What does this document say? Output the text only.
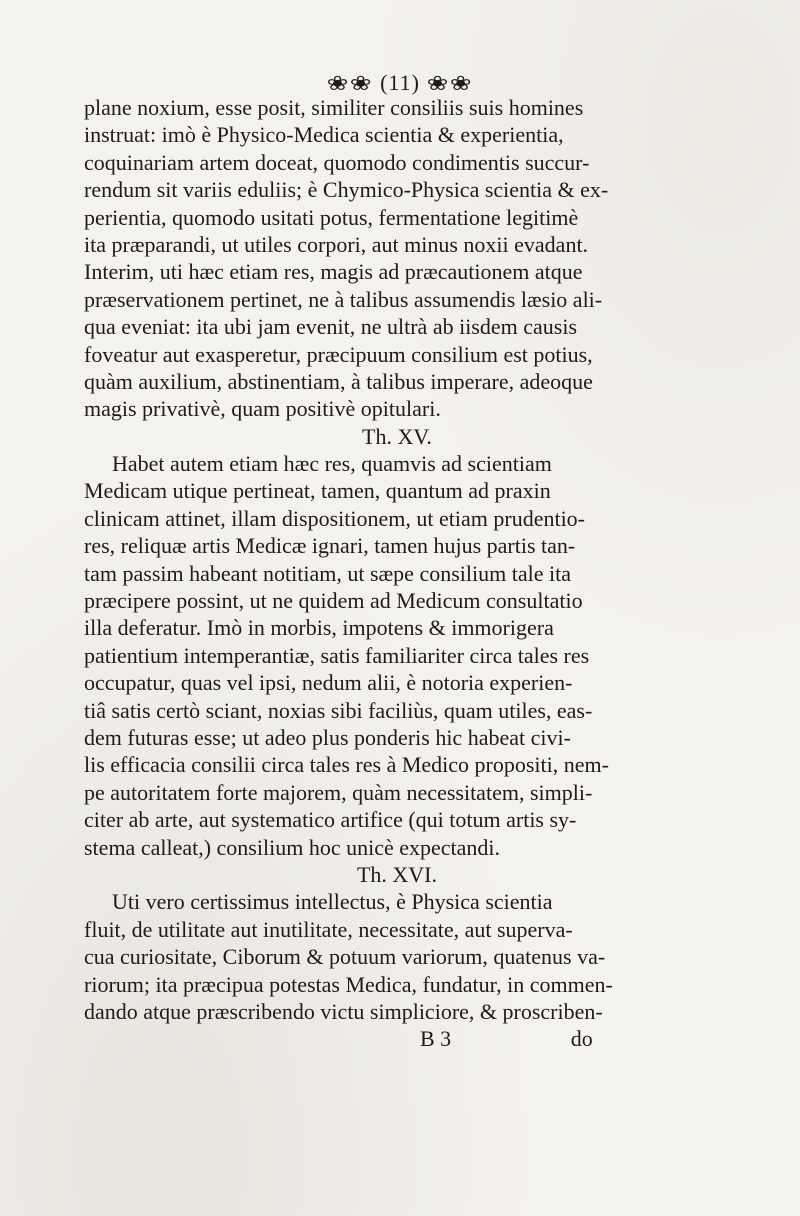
❀❀ (11) ❀❀
plane noxium, esse posit, similiter consiliis suis homines
instruat: imò è Physico-Medica scientia & experientia,
coquinariam artem doceat, quomodo condimentis succur-
rendum sit variis eduliis; è Chymico-Physica scientia & ex-
perientia, quomodo usitati potus, fermentatione legitimè
ita præparandi, ut utiles corpori, aut minus noxii evadant.
Interim, uti hæc etiam res, magis ad præcautionem atque
præservationem pertinet, ne à talibus assumendis læsio ali-
qua eveniat: ita ubi jam evenit, ne ultrà ab iisdem causis
foveatur aut exasperetur, præcipuum consilium est potius,
quàm auxilium, abstinentiam, à talibus imperare, adeoque
magis privativè, quam positivè opitulari.
Th. XV.
Habet autem etiam hæc res, quamvis ad scientiam
Medicam utique pertineat, tamen, quantum ad praxin
clinicam attinet, illam dispositionem, ut etiam prudentio-
res, reliquæ artis Medicæ ignari, tamen hujus partis tan-
tam passim habeant notitiam, ut sæpe consilium tale ita
præcipere possint, ut ne quidem ad Medicum consultatio
illa deferatur. Imò in morbis, impotens & immorigera
patientium intemperantiæ, satis familiariter circa tales res
occupatur, quas vel ipsi, nedum alii, è notoria experien-
tiâ satis certò sciant, noxias sibi faciliùs, quam utiles, eas-
dem futuras esse; ut adeo plus ponderis hic habeat civi-
lis efficacia consilii circa tales res à Medico propositi, nem-
pe autoritatem forte majorem, quàm necessitatem, simpli-
citer ab arte, aut systematico artifice (qui totum artis sy-
stema calleat,) consilium hoc unicè expectandi.
Th. XVI.
Uti vero certissimus intellectus, è Physica scientia
fluit, de utilitate aut inutilitate, necessitate, aut superva-
cua curiositate, Ciborum & potuum variorum, quatenus va-
riorum; ita præcipua potestas Medica, fundatur, in commen-
dando atque præscribendo victu simpliciore, & proscriben-
B 3	do
